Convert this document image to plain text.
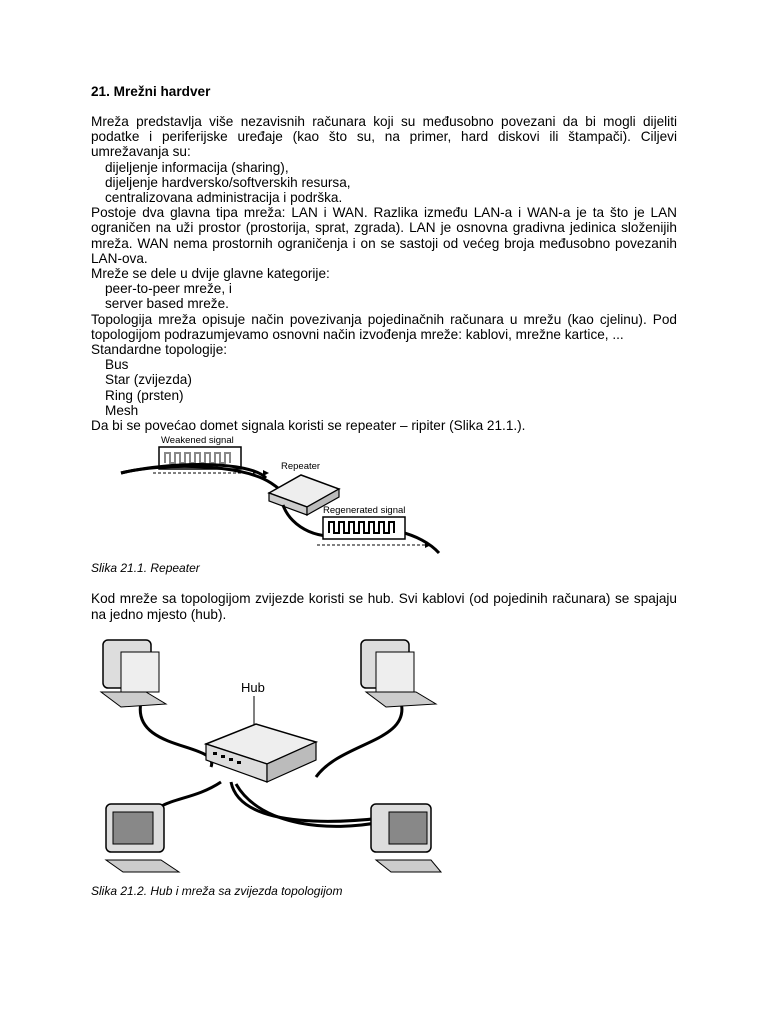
21. Mrežni hardver

Mreža predstavlja više nezavisnih računara koji su međusobno povezani da bi mogli dijeliti podatke i periferijske uređaje (kao što su, na primer, hard diskovi ili štampači). Ciljevi umrežavanja su:

dijeljenje informacija (sharing),
dijeljenje hardversko/softverskih resursa,
centralizovana administracija i podrška.

Postoje dva glavna tipa mreža: LAN i WAN. Razlika između LAN-a i WAN-a je ta što je LAN ograničen na uži prostor (prostorija, sprat, zgrada). LAN je osnovna gradivna jedinica složenijih mreža. WAN nema prostornih ograničenja i on se sastoji od većeg broja međusobno povezanih LAN-ova.

Mreže se dele u dvije glavne kategorije:

peer-to-peer mreže, i
server based mreže.

Topologija mreža opisuje način povezivanja pojedinačnih računara u mrežu (kao cjelinu). Pod topologijom podrazumjevamo osnovni način izvođenja mreže: kablovi, mrežne kartice, ...

Standardne topologije:

Bus
Star (zvijezda)
Ring (prsten)
Mesh

Da bi se povećao domet signala koristi se repeater – ripiter (Slika 21.1.).

Weakened signal
Repeater
Regenerated signal
Slika 21.1. Repeater

Kod mreže sa topologijom zvijezde koristi se hub. Svi kablovi (od pojedinih računara) se spajaju na jedno mjesto (hub).

Hub
Slika 21.2. Hub i mreža sa zvijezda topologijom
